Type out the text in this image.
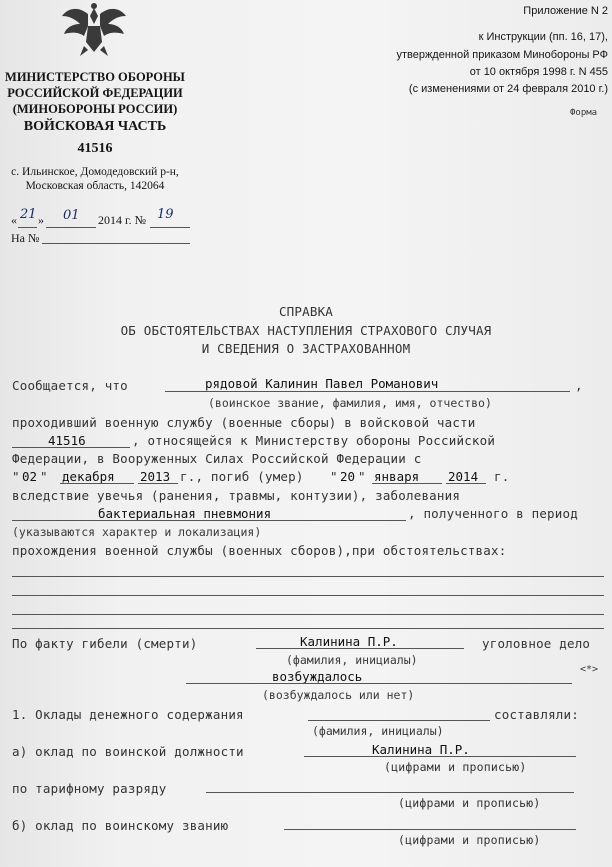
МИНИСТЕРСТВО ОБОРОНЫ
РОССИЙСКОЙ ФЕДЕРАЦИИ
(МИНОБОРОНЫ РОССИИ)
ВОЙСКОВАЯ ЧАСТЬ
41516
с. Ильинское, Домодедовский р-н,
Московская область, 142064
« 21 » 01 2014 г. № 19
На №
Приложение N 2
к Инструкции (пп. 16, 17),
утвержденной приказом Минобороны РФ
от 10 октября 1998 г. N 455
(с изменениями от 24 февраля 2010 г.)
Форма
СПРАВКА
ОБ ОБСТОЯТЕЛЬСТВАХ НАСТУПЛЕНИЯ СТРАХОВОГО СЛУЧАЯ
И СВЕДЕНИЯ О ЗАСТРАХОВАННОМ
Сообщается, что	рядовой Калинин Павел Романович	,
(воинское звание, фамилия, имя, отчество)
проходивший военную службу (военные сборы) в войсковой части
41516	, относящейся к Министерству обороны Российской
Федерации, в Вооруженных Силах Российской Федерации с
" 02 " декабря 2013 г., погиб (умер) " 20 " января 2014 г.
вследствие увечья (ранения, травмы, контузии), заболевания
бактериальная пневмония	, полученного в период
(указываются характер и локализация)
прохождения военной службы (военных сборов),при обстоятельствах:
По факту гибели (смерти)	Калинина П.Р.	уголовное дело
(фамилия, инициалы)
возбуждалось	<*>
(возбуждалось или нет)
1. Оклады денежного содержания	составляли:
(фамилия, инициалы)
а) оклад по воинской должности	Калинина П.Р.
(цифрами и прописью)
по тарифному разряду
(цифрами и прописью)
б) оклад по воинскому званию
(цифрами и прописью)
